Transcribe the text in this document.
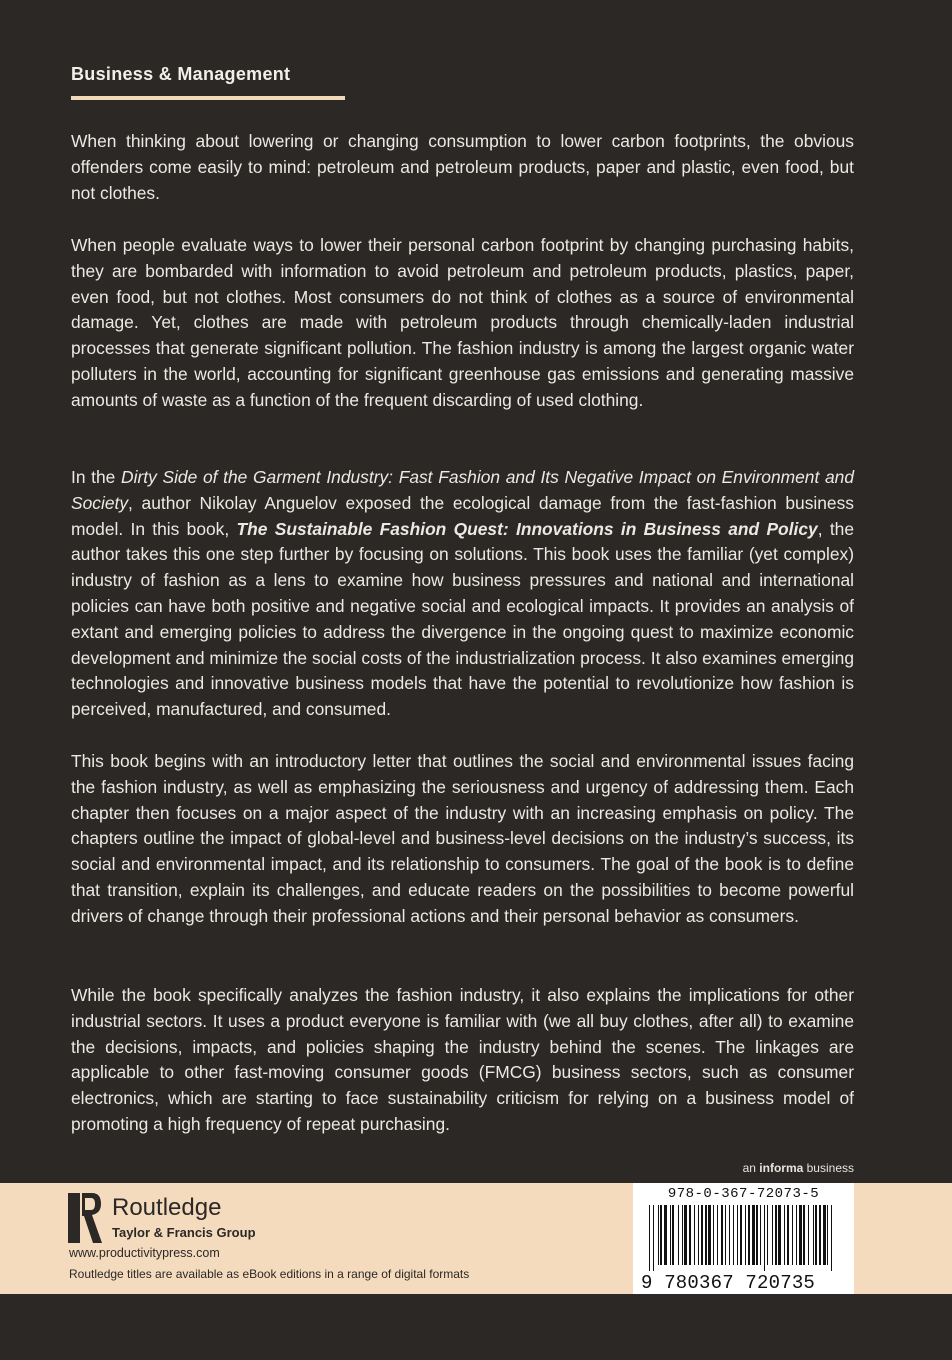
Business & Management

When thinking about lowering or changing consumption to lower carbon footprints, the obvious offenders come easily to mind: petroleum and petroleum products, paper and plastic, even food, but not clothes.

When people evaluate ways to lower their personal carbon footprint by changing purchasing habits, they are bombarded with information to avoid petroleum and petroleum products, plastics, paper, even food, but not clothes. Most consumers do not think of clothes as a source of environmental damage. Yet, clothes are made with petroleum products through chemically-laden industrial processes that generate significant pollution. The fashion industry is among the largest organic water polluters in the world, accounting for significant greenhouse gas emissions and generating massive amounts of waste as a function of the frequent discarding of used clothing.

In the Dirty Side of the Garment Industry: Fast Fashion and Its Negative Impact on Environment and Society, author Nikolay Anguelov exposed the ecological damage from the fast-fashion business model. In this book, The Sustainable Fashion Quest: Innovations in Business and Policy, the author takes this one step further by focusing on solutions. This book uses the familiar (yet complex) industry of fashion as a lens to examine how business pressures and national and international policies can have both positive and negative social and ecological impacts. It provides an analysis of extant and emerging policies to address the divergence in the ongoing quest to maximize economic development and minimize the social costs of the industrialization process. It also examines emerging technologies and innovative business models that have the potential to revolutionize how fashion is perceived, manufactured, and consumed.

This book begins with an introductory letter that outlines the social and environmental issues facing the fashion industry, as well as emphasizing the seriousness and urgency of addressing them. Each chapter then focuses on a major aspect of the industry with an increasing emphasis on policy. The chapters outline the impact of global-level and business-level decisions on the industry’s success, its social and environmental impact, and its relationship to consumers. The goal of the book is to define that transition, explain its challenges, and educate readers on the possibilities to become powerful drivers of change through their professional actions and their personal behavior as consumers.

While the book specifically analyzes the fashion industry, it also explains the implications for other industrial sectors. It uses a product everyone is familiar with (we all buy clothes, after all) to examine the decisions, impacts, and policies shaping the industry behind the scenes. The linkages are applicable to other fast-moving consumer goods (FMCG) business sectors, such as consumer electronics, which are starting to face sustainability criticism for relying on a business model of promoting a high frequency of repeat purchasing.

an informa business
Routledge
Taylor & Francis Group
www.productivitypress.com
Routledge titles are available as eBook editions in a range of digital formats
978-0-367-72073-5
9 780367 720735
